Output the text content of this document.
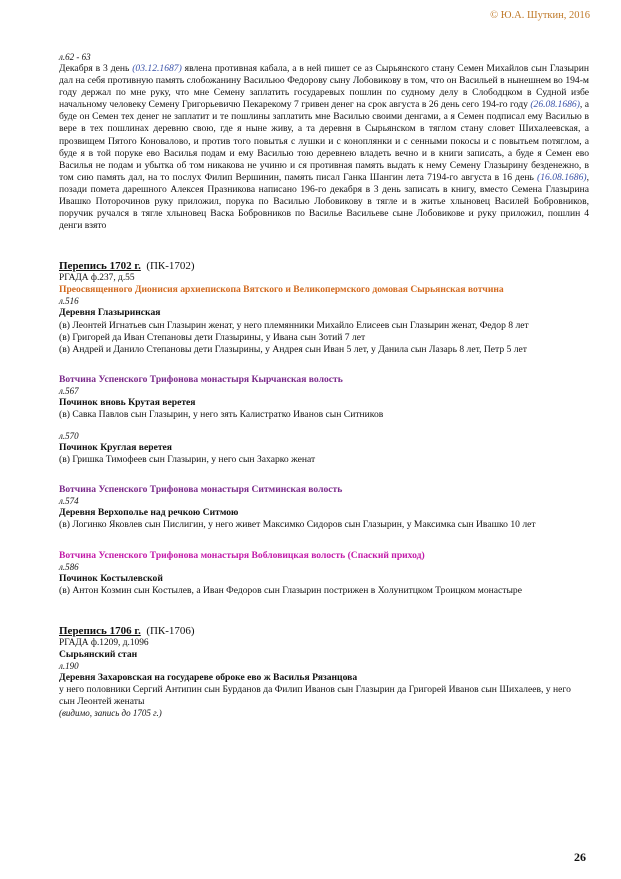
© Ю.А. Шуткин, 2016
л.62 - 63

Декабря в 3 день (03.12.1687) явлена противная кабала, а в ней пишет се аз Сырьянского стану Семен Михайлов сын Глазырин дал на себя противную память слобожанину Васильюо Федорову сыну Лобовикову в том, что он Васильей в нынешнем во 194-м году держал по мне руку, что мне Семену заплатить государевых пошлин по судному делу в Слободцком в Судной избе начальному человеку Семену Григорьевичю Пекарекому 7 гривен денег на срок августа в 26 день сего 194-го году (26.08.1686), а буде он Семен тех денег не заплатит и те пошлины заплатить мне Василью своими денгами, а я Семен подписал ему Василью в верe в тех пошлинах деревню свою, где я ныне живу, а та деревня в Сырьянском в тяглом стану словет Шихалеевская, а прозвищем Пятого Коновалово, и против того повытья с лушки и с коноплянки и с сенными покосы и с повытьем потяглом, а буде я в той поруке ево Василья подам и ему Василью тою деревнею владеть вечно и в книги записать, а буде я Семен ево Василья не подам и убытка об том никакова не учиню и ся противная память выдать к нему Семену Глазырину безденежно, в том сию память дал, на то послух Филип Вершинин, память писал Ганка Шангин лета 7194-го августа в 16 день (16.08.1686), позади помета дарешного Алексея Празникова написано 196-го декабря в 3 день записать в книгу, вместо Семена Глазырина Ивашко Поторочинов руку приложил, порука по Василью Лобовикову в тягле и в житье хлыновец Василей Бобровников, поручик ручался в тягле хлыновец Васка Бобровников по Василье Васильеве сыне Лобовикове и руку приложил, пошлин 4 денги взято

Перепись 1702 г. (ПК-1702)
РГАДА ф.237, д.55
Преосвященного Дионисия архиепископа Вятского и Великопермского домовая Сырьянская вотчина
л.516
Деревня Глазыринская

(в) Леонтей Игнатьев сын Глазырин женат, у него племянники Михайло Елисеев сын Глазырин женат, Федор 8 лет

(в) Григорей да Иван Степановы дети Глазырины, у Ивана сын Зотий 7 лет

(в) Андрей и Данилo Степановы дети Глазырины, у Андрея сын Иван 5 лет, у Данила сын Лазарь 8 лет, Петр 5 лет

Вотчина Успенского Трифонова монастыря Кырчанская волость
л.567
Починок вновь Крутая веретея

(в) Савка Павлов сын Глазырин, у него зять Калистратко Иванов сын Ситников

л.570
Починок Круглая веретея

(в) Гришка Тимофеев сын Глазырин, у него сын Захарко женат

Вотчина Успенского Трифонова монастыря Ситминская волость
л.574
Деревня Верхополье над речкою Ситмою

(в) Логинко Яковлев сын Пислигин, у него живет Максимко Сидоров сын Глазырин, у Максимка сын Ивашко 10 лет

Вотчина Успенского Трифонова монастыря Вобловицкая волость (Спаский приход)
л.586
Починок Костылевской

(в) Антон Козмин сын Костылев, а Иван Федоров сын Глазырин пострижен в Холунитцком Троицком монастыре

Перепись 1706 г. (ПК-1706)
РГАДА ф.1209, д.1096
Сырьянский стан
л.190
Деревня Захаровская на государеве оброке ево ж Василья Рязанцова

у него половники Сергий Антипин сын Бурданов да Филип Иванов сын Глазырин да Григорей Иванов сын Шихалеев, у него сын Леонтей женаты

(видимо, запись до 1705 г.)
26
